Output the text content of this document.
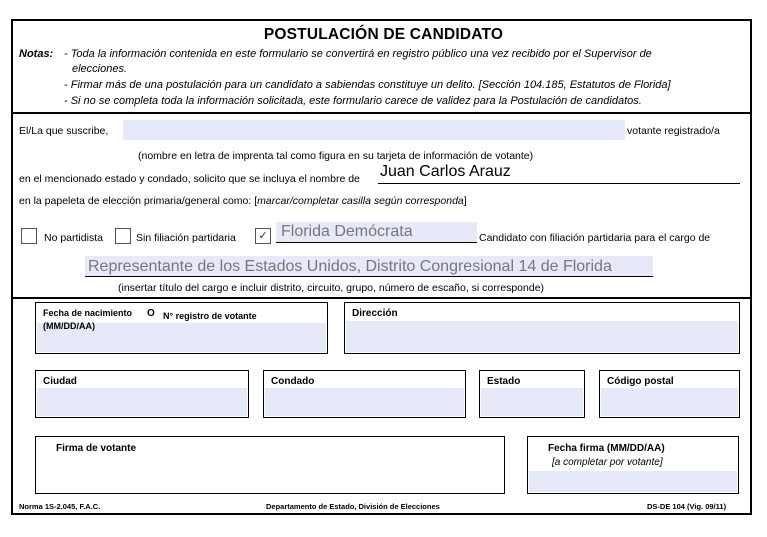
POSTULACIÓN DE CANDIDATO
Notas: - Toda la información contenida en este formulario se convertirá en registro público una vez recibido por el Supervisor de
elecciones.
- Firmar más de una postulación para un candidato a sabiendas constituye un delito. [Sección 104.185, Estatutos de Florida]
- Si no se completa toda la información solicitada, este formulario carece de validez para la Postulación de candidatos.
El/La que suscribe,	votante registrado/a
(nombre en letra de imprenta tal como figura en su tarjeta de información de votante)
en el mencionado estado y condado, solicito que se incluya el nombre de Juan Carlos Arauz
en la papeleta de elección primaria/general como: [marcar/completar casilla según corresponda]
No partidista	Sin filiación partidaria	✓ Florida Demócrata	Candidato con filiación partidaria para el cargo de
Representante de los Estados Unidos, Distrito Congresional 14 de Florida
(insertar título del cargo e incluir distrito, circuito, grupo, número de escaño, si corresponde)
Fecha de nacimiento
(MM/DD/AA)
O N° registro de votante	Dirección
Ciudad	Condado	Estado	Código postal
Firma de votante	Fecha firma (MM/DD/AA)
[a completar por votante]
Norma 1S-2.045, F.A.C.	Departamento de Estado, División de Elecciones	DS-DE 104 (Vig. 09/11)
